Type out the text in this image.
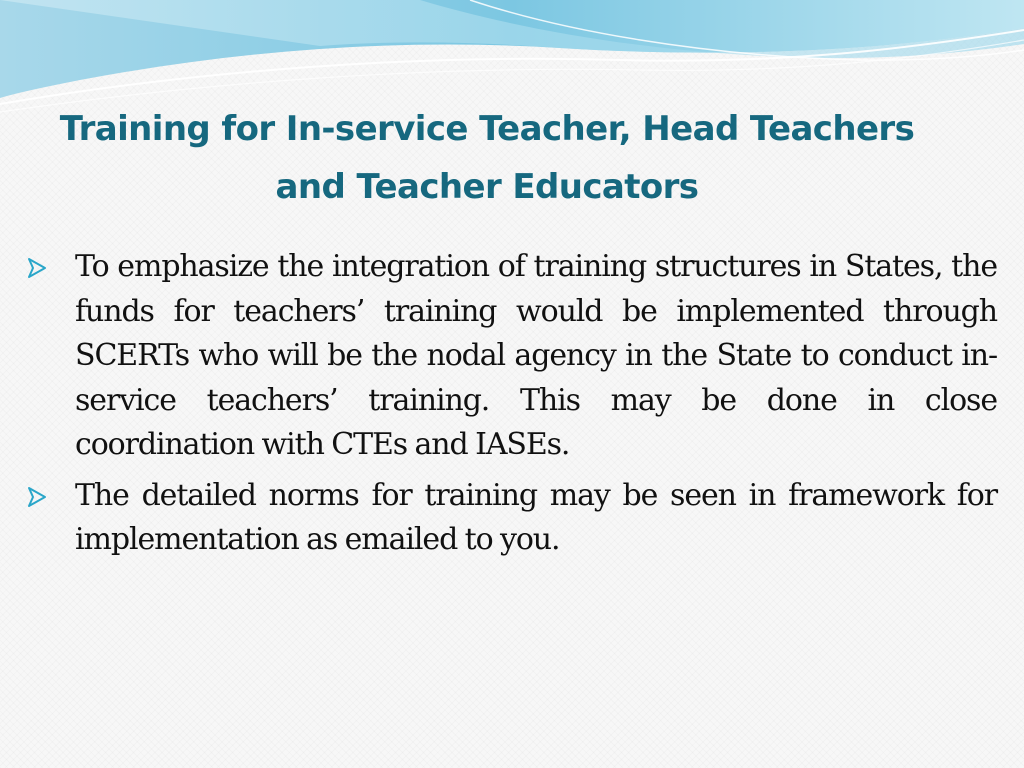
Training for In-service Teacher, Head Teachers
and Teacher Educators
To emphasize the integration of training structures in States, the funds for teachers’ training would be implemented through SCERTs who will be the nodal agency in the State to conduct in-service teachers’ training. This may be done in close coordination with CTEs and IASEs.
The detailed norms for training may be seen in framework for implementation as emailed to you.
